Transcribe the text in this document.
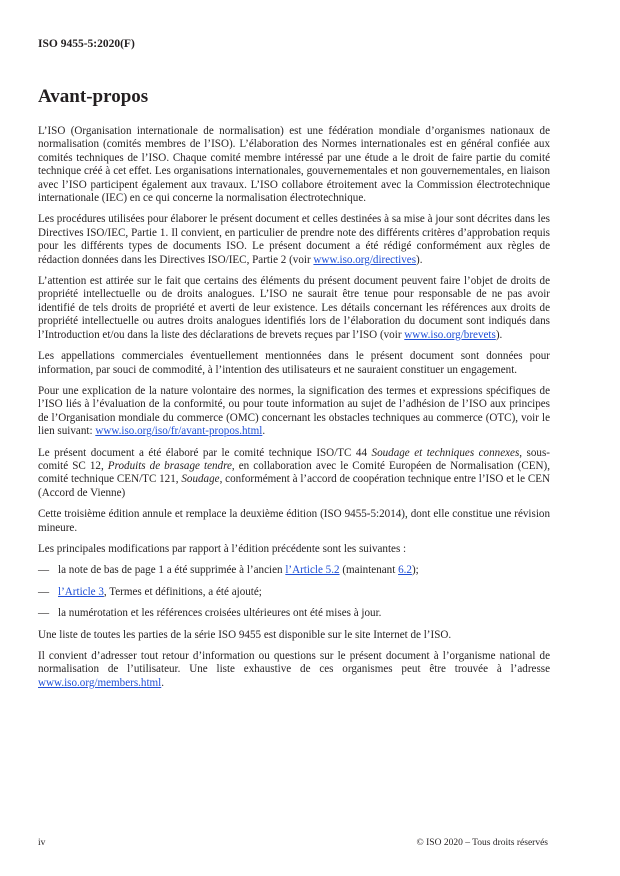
ISO 9455-5:2020(F)
Avant-propos

L’ISO (Organisation internationale de normalisation) est une fédération mondiale d’organismes nationaux de normalisation (comités membres de l’ISO). L’élaboration des Normes internationales est en général confiée aux comités techniques de l’ISO. Chaque comité membre intéressé par une étude a le droit de faire partie du comité technique créé à cet effet. Les organisations internationales, gouvernementales et non gouvernementales, en liaison avec l’ISO participent également aux travaux. L’ISO collabore étroitement avec la Commission électrotechnique internationale (IEC) en ce qui concerne la normalisation électrotechnique.

Les procédures utilisées pour élaborer le présent document et celles destinées à sa mise à jour sont décrites dans les Directives ISO/IEC, Partie 1. Il convient, en particulier de prendre note des différents critères d’approbation requis pour les différents types de documents ISO. Le présent document a été rédigé conformément aux règles de rédaction données dans les Directives ISO/IEC, Partie 2 (voir www.iso.org/directives).

L’attention est attirée sur le fait que certains des éléments du présent document peuvent faire l’objet de droits de propriété intellectuelle ou de droits analogues. L’ISO ne saurait être tenue pour responsable de ne pas avoir identifié de tels droits de propriété et averti de leur existence. Les détails concernant les références aux droits de propriété intellectuelle ou autres droits analogues identifiés lors de l’élaboration du document sont indiqués dans l’Introduction et/ou dans la liste des déclarations de brevets reçues par l’ISO (voir www.iso.org/brevets).

Les appellations commerciales éventuellement mentionnées dans le présent document sont données pour information, par souci de commodité, à l’intention des utilisateurs et ne sauraient constituer un engagement.

Pour une explication de la nature volontaire des normes, la signification des termes et expressions spécifiques de l’ISO liés à l’évaluation de la conformité, ou pour toute information au sujet de l’adhésion de l’ISO aux principes de l’Organisation mondiale du commerce (OMC) concernant les obstacles techniques au commerce (OTC), voir le lien suivant: www.iso.org/iso/fr/avant-propos.html.

Le présent document a été élaboré par le comité technique ISO/TC 44 Soudage et techniques connexes, sous-comité SC 12, Produits de brasage tendre, en collaboration avec le Comité Européen de Normalisation (CEN), comité technique CEN/TC 121, Soudage, conformément à l’accord de coopération technique entre l’ISO et le CEN (Accord de Vienne)

Cette troisième édition annule et remplace la deuxième édition (ISO 9455-5:2014), dont elle constitue une révision mineure.

Les principales modifications par rapport à l’édition précédente sont les suivantes :

— la note de bas de page 1 a été supprimée à l’ancien l’Article 5.2 (maintenant 6.2);

— l’Article 3, Termes et définitions, a été ajouté;

— la numérotation et les références croisées ultérieures ont été mises à jour.

Une liste de toutes les parties de la série ISO 9455 est disponible sur le site Internet de l’ISO.

Il convient d’adresser tout retour d’information ou questions sur le présent document à l’organisme national de normalisation de l’utilisateur. Une liste exhaustive de ces organismes peut être trouvée à l’adresse www.iso.org/members.html.

iv	© ISO 2020 – Tous droits réservés
